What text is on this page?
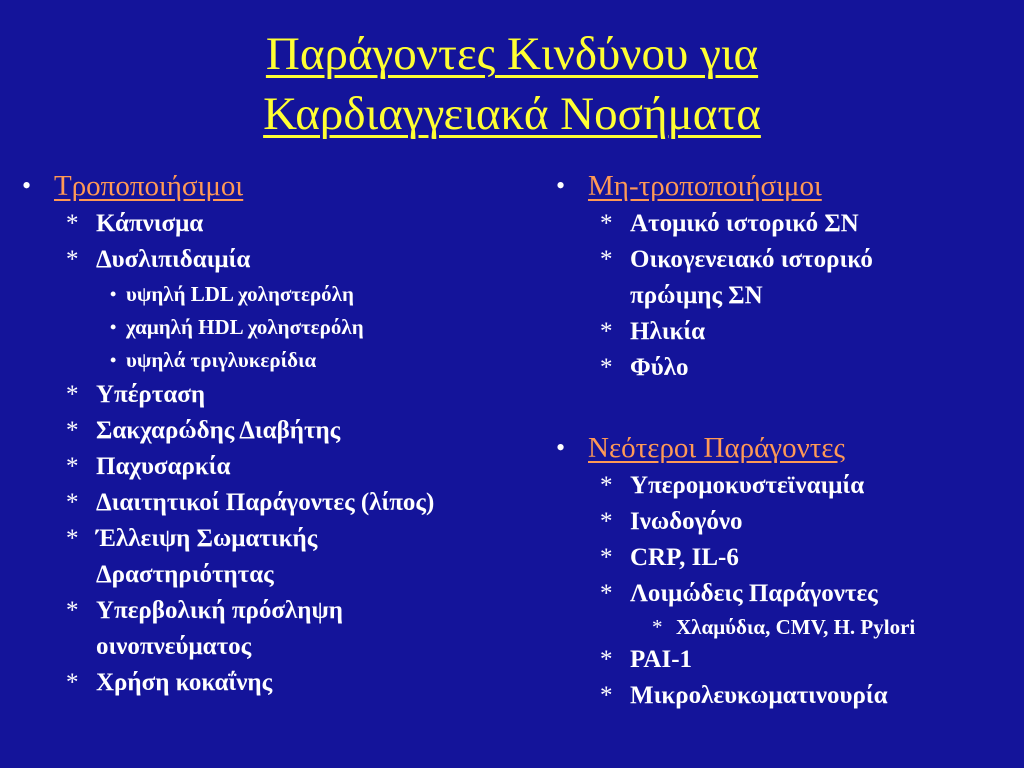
Παράγοντες Κινδύνου για
Καρδιαγγειακά Νοσήματα
• Τροποποιήσιμοι
* Κάπνισμα
* Δυσλιπιδαιμία
• υψηλή LDL χοληστερόλη
• χαμηλή HDL χοληστερόλη
• υψηλά τριγλυκερίδια
* Υπέρταση
* Σακχαρώδης Διαβήτης
* Παχυσαρκία
* Διαιτητικοί Παράγοντες (λίπος)
* Έλλειψη Σωματικής Δραστηριότητας
* Υπερβολική πρόσληψη οινοπνεύματος
* Χρήση κοκαΐνης
• Μη-τροποποιήσιμοι
* Ατομικό ιστορικό ΣΝ
* Οικογενειακό ιστορικό πρώιμης ΣΝ
* Ηλικία
* Φύλο
• Νεότεροι Παράγοντες
* Υπερομοκυστεϊναιμία
* Ινωδογόνο
* CRP, IL-6
* Λοιμώδεις Παράγοντες
* Χλαμύδια, CMV, H. Pylori
* PAI-1
* Μικρολευκωματινουρία
